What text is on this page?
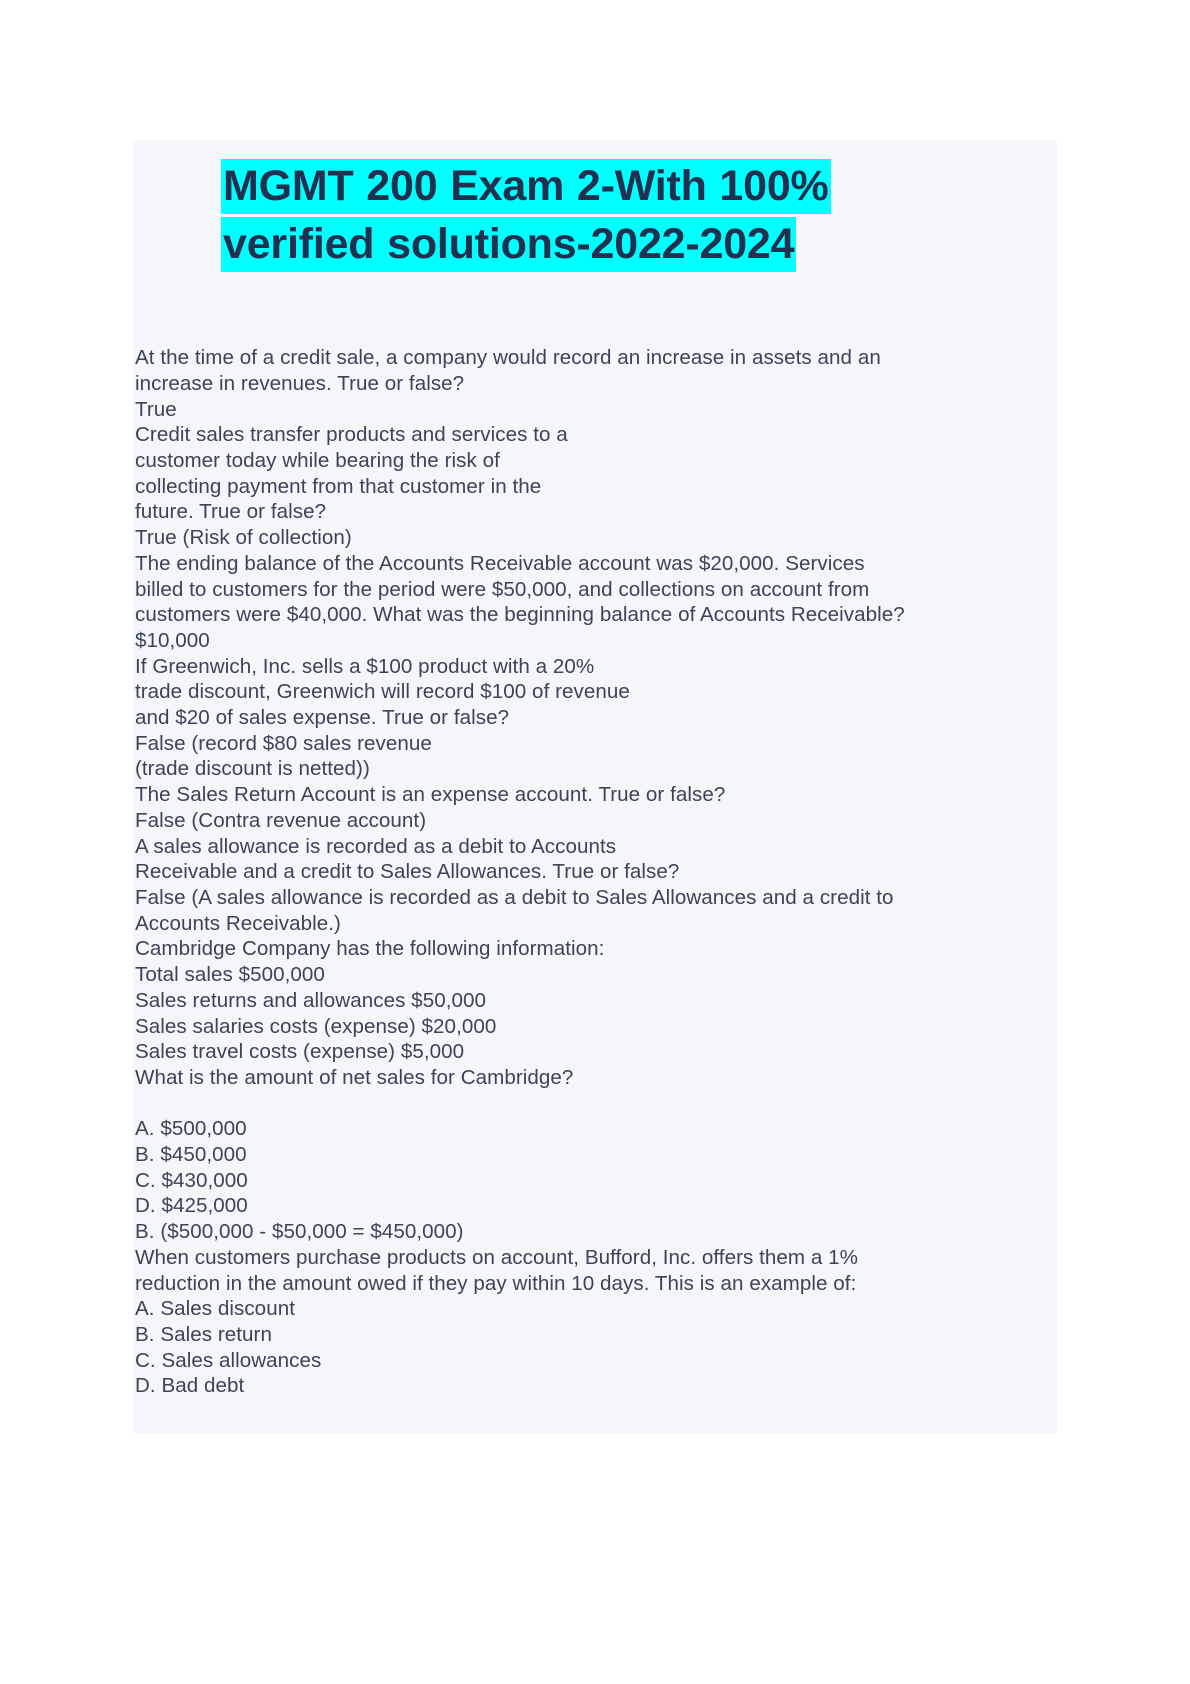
MGMT 200 Exam 2-With 100%
verified solutions-2022-2024
At the time of a credit sale, a company would record an increase in assets and an
increase in revenues. True or false?
True
Credit sales transfer products and services to a
customer today while bearing the risk of
collecting payment from that customer in the
future. True or false?
True (Risk of collection)
The ending balance of the Accounts Receivable account was $20,000. Services
billed to customers for the period were $50,000, and collections on account from
customers were $40,000. What was the beginning balance of Accounts Receivable?
$10,000
If Greenwich, Inc. sells a $100 product with a 20%
trade discount, Greenwich will record $100 of revenue
and $20 of sales expense. True or false?
False (record $80 sales revenue
(trade discount is netted))
The Sales Return Account is an expense account. True or false?
False (Contra revenue account)
A sales allowance is recorded as a debit to Accounts
Receivable and a credit to Sales Allowances. True or false?
False (A sales allowance is recorded as a debit to Sales Allowances and a credit to
Accounts Receivable.)
Cambridge Company has the following information:
Total sales $500,000
Sales returns and allowances $50,000
Sales salaries costs (expense) $20,000
Sales travel costs (expense) $5,000
What is the amount of net sales for Cambridge?

A. $500,000
B. $450,000
C. $430,000
D. $425,000
B. ($500,000 - $50,000 = $450,000)
When customers purchase products on account, Bufford, Inc. offers them a 1%
reduction in the amount owed if they pay within 10 days. This is an example of:
A. Sales discount
B. Sales return
C. Sales allowances
D. Bad debt
